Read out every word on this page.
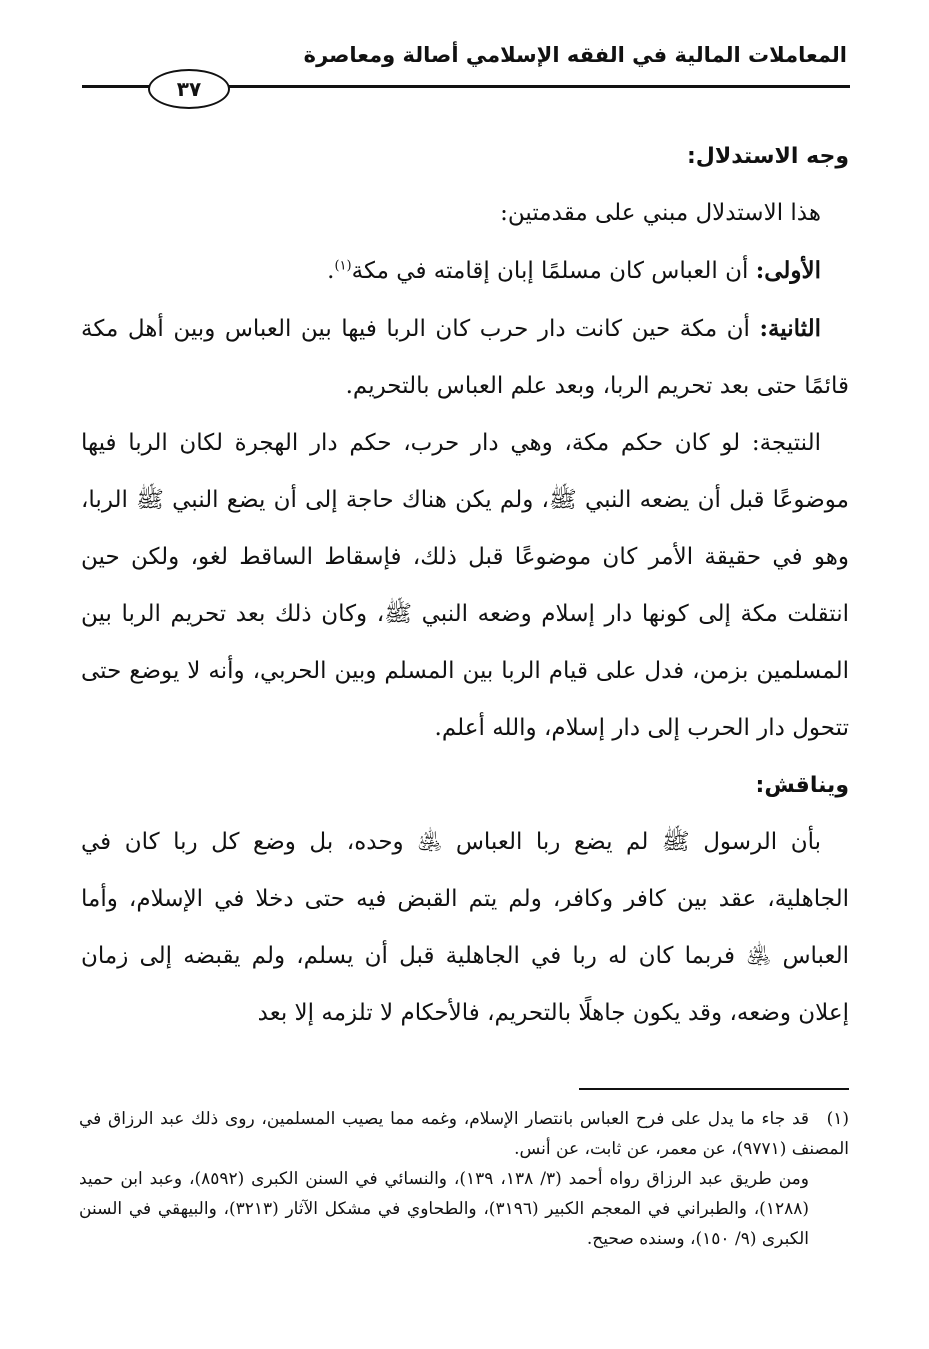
المعاملات المالية في الفقه الإسلامي أصالة ومعاصرة
٣٧

وجه الاستدلال:

هذا الاستدلال مبني على مقدمتين:

الأولى: أن العباس كان مسلمًا إبان إقامته في مكة$^{(١)}$.

الثانية: أن مكة حين كانت دار حرب كان الربا فيها بين العباس وبين أهل مكة قائمًا حتى بعد تحريم الربا، وبعد علم العباس بالتحريم.

النتيجة: لو كان حكم مكة، وهي دار حرب، حكم دار الهجرة لكان الربا فيها موضوعًا قبل أن يضعه النبي ﷺ، ولم يكن هناك حاجة إلى أن يضع النبي ﷺ الربا، وهو في حقيقة الأمر كان موضوعًا قبل ذلك، فإسقاط الساقط لغو، ولكن حين انتقلت مكة إلى كونها دار إسلام وضعه النبي ﷺ، وكان ذلك بعد تحريم الربا بين المسلمين بزمن، فدل على قيام الربا بين المسلم وبين الحربي، وأنه لا يوضع حتى تتحول دار الحرب إلى دار إسلام، والله أعلم.

ويناقش:

بأن الرسول ﷺ لم يضع ربا العباس ﵁ وحده، بل وضع كل ربا كان في الجاهلية، عقد بين كافر وكافر، ولم يتم القبض فيه حتى دخلا في الإسلام، وأما العباس ﵁ فربما كان له ربا في الجاهلية قبل أن يسلم، ولم يقبضه إلى زمان إعلان وضعه، وقد يكون جاهلًا بالتحريم، فالأحكام لا تلزمه إلا بعد

(١)قد جاء ما يدل على فرح العباس بانتصار الإسلام، وغمه مما يصيب المسلمين، روى ذلك عبد الرزاق في المصنف (٩٧٧١)، عن معمر، عن ثابت، عن أنس.

ومن طريق عبد الرزاق رواه أحمد (٣/ ١٣٨، ١٣٩)، والنسائي في السنن الكبرى (٨٥٩٢)، وعبد ابن حميد (١٢٨٨)، والطبراني في المعجم الكبير (٣١٩٦)، والطحاوي في مشكل الآثار (٣٢١٣)، والبيهقي في السنن الكبرى (٩/ ١٥٠)، وسنده صحيح.
